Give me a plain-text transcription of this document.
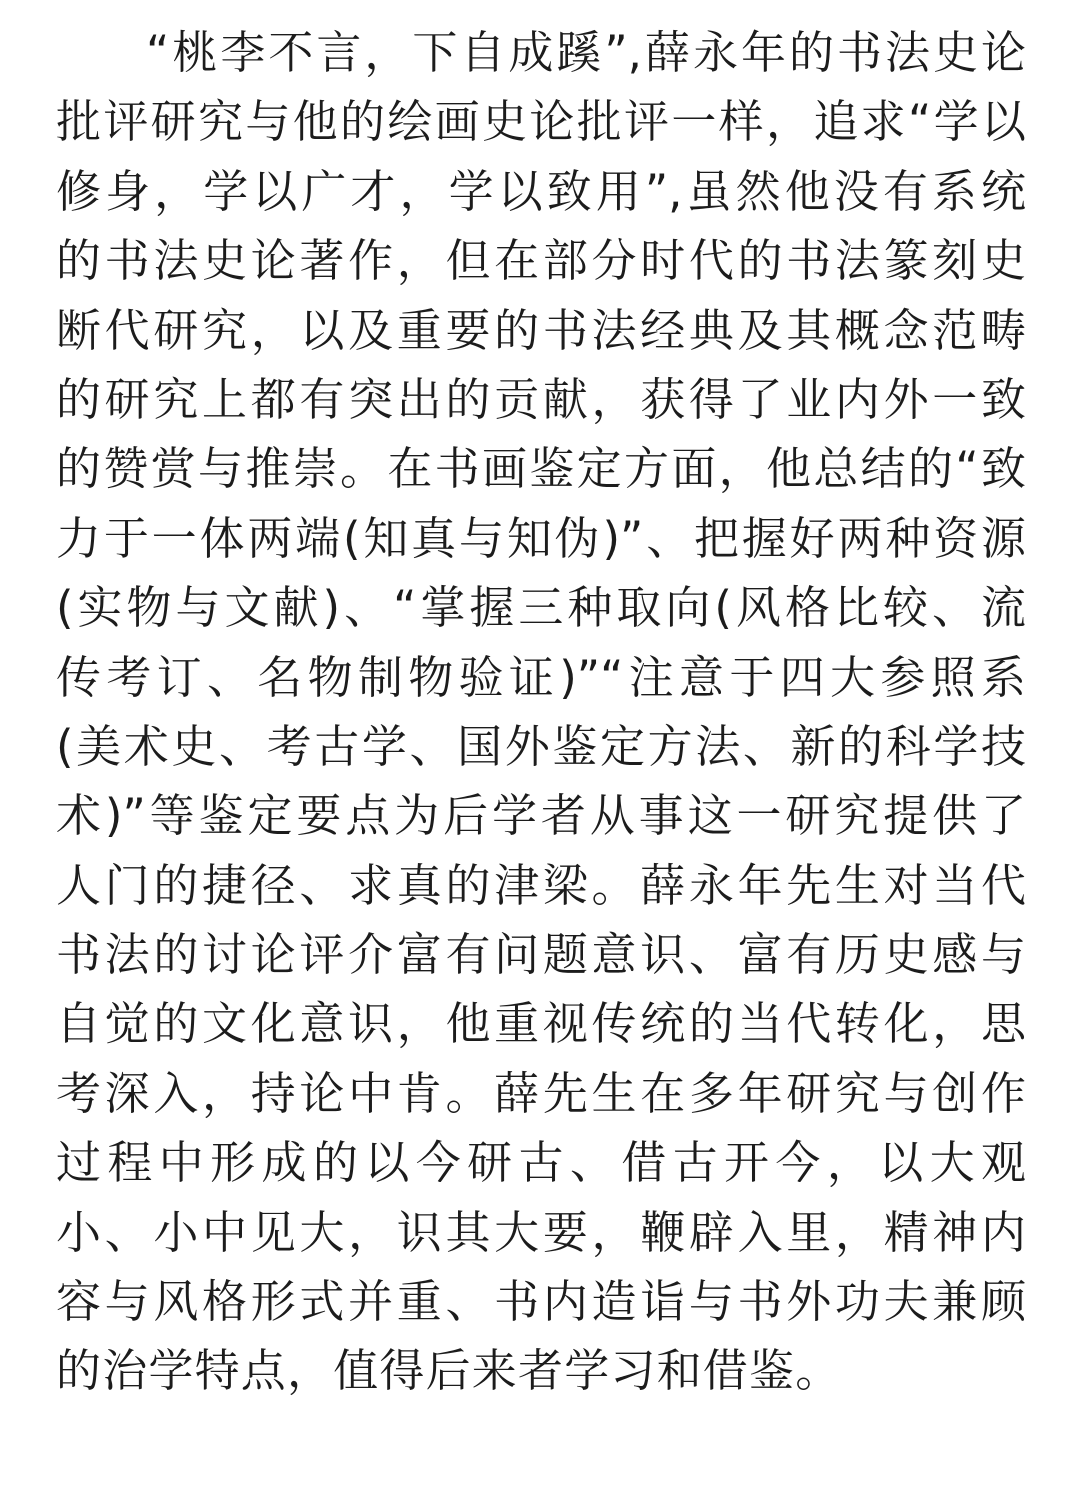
“桃李不言，下自成蹊”,薛永年的书法史论
批评研究与他的绘画史论批评一样，追求“学以
修身，学以广才，学以致用”,虽然他没有系统
的书法史论著作，但在部分时代的书法篆刻史
断代研究，以及重要的书法经典及其概念范畴
的研究上都有突出的贡献，获得了业内外一致
的赞赏与推崇。在书画鉴定方面，他总结的“致
力于一体两端(知真与知伪)”、把握好两种资源
(实物与文献)、“掌握三种取向(风格比较、流
传考订、名物制物验证)”“注意于四大参照系
(美术史、考古学、国外鉴定方法、新的科学技
术)”等鉴定要点为后学者从事这一研究提供了
人门的捷径、求真的津梁。薛永年先生对当代
书法的讨论评介富有问题意识、富有历史感与
自觉的文化意识，他重视传统的当代转化，思
考深入，持论中肯。薛先生在多年研究与创作
过程中形成的以今研古、借古开今，以大观
小、小中见大，识其大要，鞭辟入里，精神内
容与风格形式并重、书内造诣与书外功夫兼顾
的治学特点，值得后来者学习和借鉴。
